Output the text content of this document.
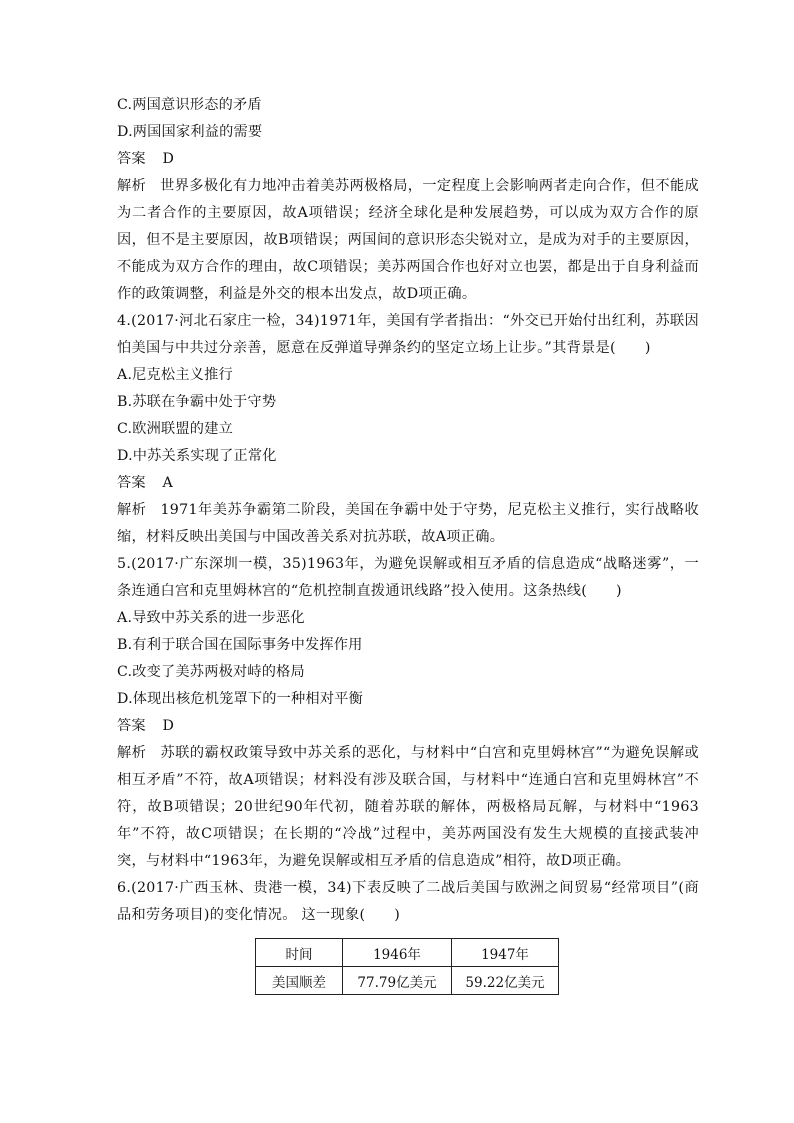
C.两国意识形态的矛盾
D.两国国家利益的需要
答案 D
解析 世界多极化有力地冲击着美苏两极格局，一定程度上会影响两者走向合作，但不能成为二者合作的主要原因，故A项错误；经济全球化是种发展趋势，可以成为双方合作的原因，但不是主要原因，故B项错误；两国间的意识形态尖锐对立，是成为对手的主要原因，不能成为双方合作的理由，故C项错误；美苏两国合作也好对立也罢，都是出于自身利益而作的政策调整，利益是外交的根本出发点，故D项正确。
4.(2017·河北石家庄一检，34)1971年，美国有学者指出：“外交已开始付出红利，苏联因怕美国与中共过分亲善，愿意在反弹道导弹条约的坚定立场上让步。”其背景是(　　)
A.尼克松主义推行
B.苏联在争霸中处于守势
C.欧洲联盟的建立
D.中苏关系实现了正常化
答案 A
解析 1971年美苏争霸第二阶段，美国在争霸中处于守势，尼克松主义推行，实行战略收缩，材料反映出美国与中国改善关系对抗苏联，故A项正确。
5.(2017·广东深圳一模，35)1963年，为避免误解或相互矛盾的信息造成“战略迷雾”，一条连通白宫和克里姆林宫的“危机控制直拨通讯线路”投入使用。这条热线(　　)
A.导致中苏关系的进一步恶化
B.有利于联合国在国际事务中发挥作用
C.改变了美苏两极对峙的格局
D.体现出核危机笼罩下的一种相对平衡
答案 D
解析 苏联的霸权政策导致中苏关系的恶化，与材料中“白宫和克里姆林宫”“为避免误解或相互矛盾”不符，故A项错误；材料没有涉及联合国，与材料中“连通白宫和克里姆林宫”不符，故B项错误；20世纪90年代初，随着苏联的解体，两极格局瓦解，与材料中“1963年”不符，故C项错误；在长期的“冷战”过程中，美苏两国没有发生大规模的直接武装冲突，与材料中“1963年，为避免误解或相互矛盾的信息造成”相符，故D项正确。
6.(2017·广西玉林、贵港一模，34)下表反映了二战后美国与欧洲之间贸易“经常项目”(商品和劳务项目)的变化情况。 这一现象(　　)
时间	1946年	1947年
美国顺差	77.79亿美元	59.22亿美元
